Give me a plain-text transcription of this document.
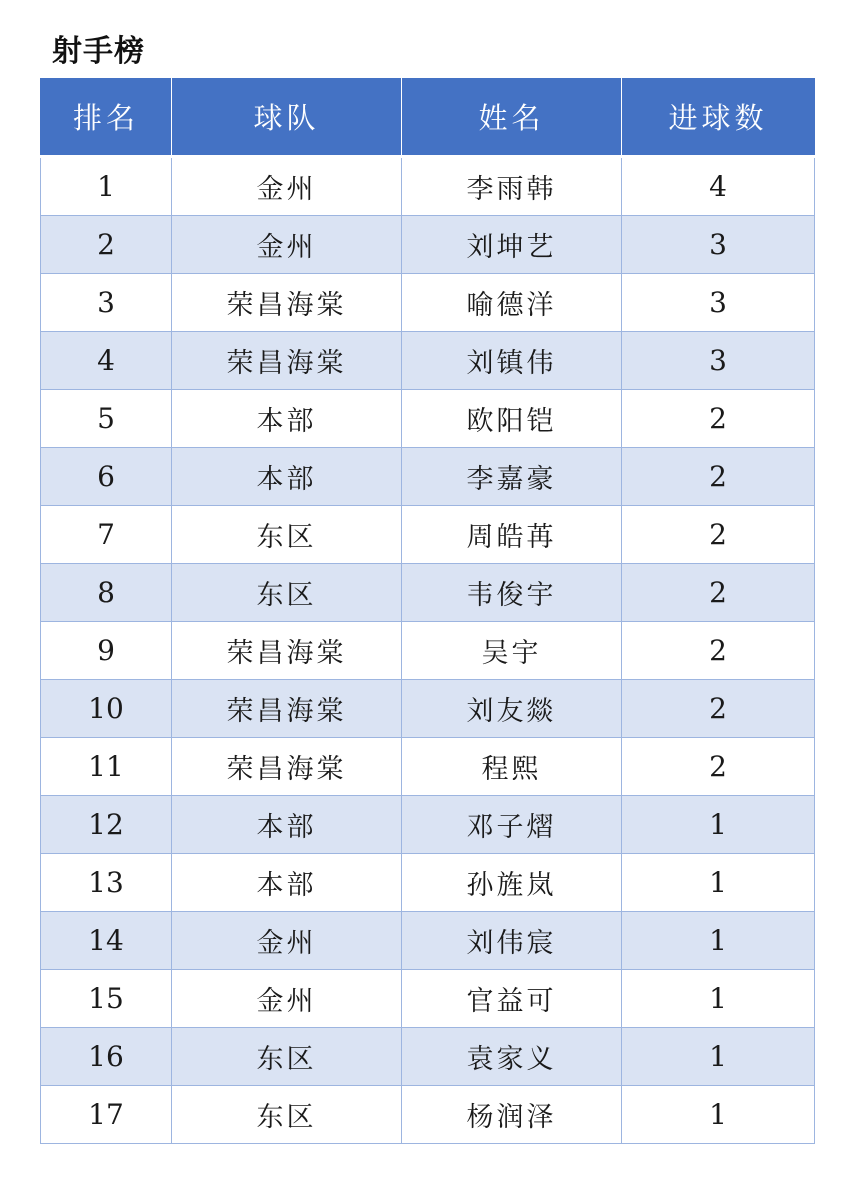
射手榜
排名	球队	姓名	进球数
1	金州	李雨韩	4
2	金州	刘坤艺	3
3	荣昌海棠	喻德洋	3
4	荣昌海棠	刘镇伟	3
5	本部	欧阳铠	2
6	本部	李嘉豪	2
7	东区	周皓苒	2
8	东区	韦俊宇	2
9	荣昌海棠	吴宇	2
10	荣昌海棠	刘友燚	2
11	荣昌海棠	程熙	2
12	本部	邓子熠	1
13	本部	孙旌岚	1
14	金州	刘伟宸	1
15	金州	官益可	1
16	东区	袁家义	1
17	东区	杨润泽	1
